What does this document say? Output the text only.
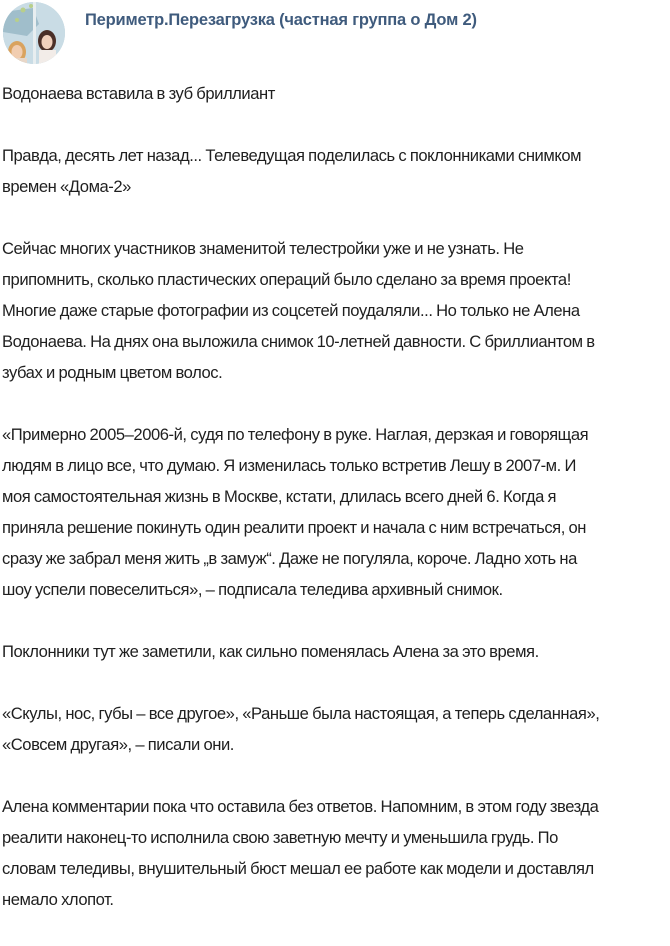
Периметр.Перезагрузка (частная группа о Дом 2)

Водонаева вставила в зуб бриллиант

Правда, десять лет назад... Телеведущая поделилась с поклонниками снимком
времен «Дома-2»

Сейчас многих участников знаменитой телестройки уже и не узнать. Не
припомнить, сколько пластических операций было сделано за время проекта!
Многие даже старые фотографии из соцсетей поудаляли... Но только не Алена
Водонаева. На днях она выложила снимок 10-летней давности. С бриллиантом в
зубах и родным цветом волос.

«Примерно 2005–2006-й, судя по телефону в руке. Наглая, дерзкая и говорящая
людям в лицо все, что думаю. Я изменилась только встретив Лешу в 2007-м. И
моя самостоятельная жизнь в Москве, кстати, длилась всего дней 6. Когда я
приняла решение покинуть один реалити проект и начала с ним встречаться, он
сразу же забрал меня жить „в замуж“. Даже не погуляла, короче. Ладно хоть на
шоу успели повеселиться», – подписала теледива архивный снимок.

Поклонники тут же заметили, как сильно поменялась Алена за это время.

«Скулы, нос, губы – все другое», «Раньше была настоящая, а теперь сделанная»,
«Совсем другая», – писали они.

Алена комментарии пока что оставила без ответов. Напомним, в этом году звезда
реалити наконец-то исполнила свою заветную мечту и уменьшила грудь. По
словам теледивы, внушительный бюст мешал ее работе как модели и доставлял
немало хлопот.
